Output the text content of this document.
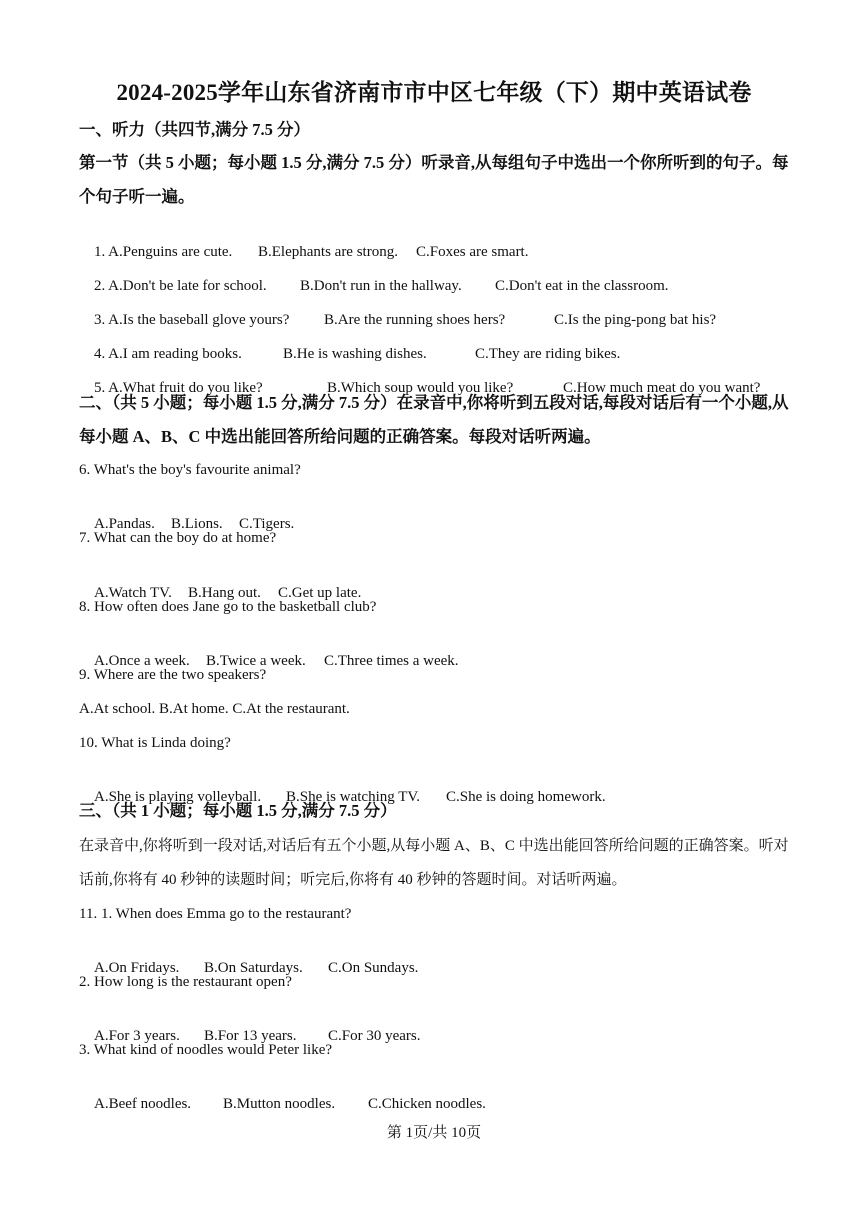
2024-2025学年山东省济南市市中区七年级（下）期中英语试卷
一、听力（共四节,满分 7.5 分）
第一节（共 5 小题；每小题 1.5 分,满分 7.5 分）听录音,从每组句子中选出一个你所听到的句子。每个句子听一遍。

1. A.Penguins are cute. B.Elephants are strong. C.Foxes are smart.

2. A.Don't be late for school. B.Don't run in the hallway. C.Don't eat in the classroom.

3. A.Is the baseball glove yours? B.Are the running shoes hers?	C.Is the ping-pong bat his?

4. A.I am reading books.	B.He is washing dishes.	C.They are riding bikes.

5. A.What fruit do you like?	B.Which soup would you like?	C.How much meat do you want?

二、（共 5 小题；每小题 1.5 分,满分 7.5 分）在录音中,你将听到五段对话,每段对话后有一个小题,从每小题 A、B、C 中选出能回答所给问题的正确答案。每段对话听两遍。
6. What's the boy's favourite animal?

A.Pandas. B.Lions. C.Tigers.

7. What can the boy do at home?

A.Watch TV. B.Hang out. C.Get up late.

8. How often does Jane go to the basketball club?

A.Once a week. B.Twice a week. C.Three times a week.

9. Where are the two speakers?
A.At school. B.At home. C.At the restaurant.
10. What is Linda doing?

A.She is playing volleyball. B.She is watching TV. C.She is doing homework.

三、（共 1 小题；每小题 1.5 分,满分 7.5 分）
在录音中,你将听到一段对话,对话后有五个小题,从每小题 A、B、C 中选出能回答所给问题的正确答案。听对话前,你将有 40 秒钟的读题时间；听完后,你将有 40 秒钟的答题时间。对话听两遍。
11. 1. When does Emma go to the restaurant?

A.On Fridays. B.On Saturdays. C.On Sundays.

2. How long is the restaurant open?

A.For 3 years. B.For 13 years. C.For 30 years.

3. What kind of noodles would Peter like?

A.Beef noodles. B.Mutton noodles. C.Chicken noodles.

第 1页/共 10页
